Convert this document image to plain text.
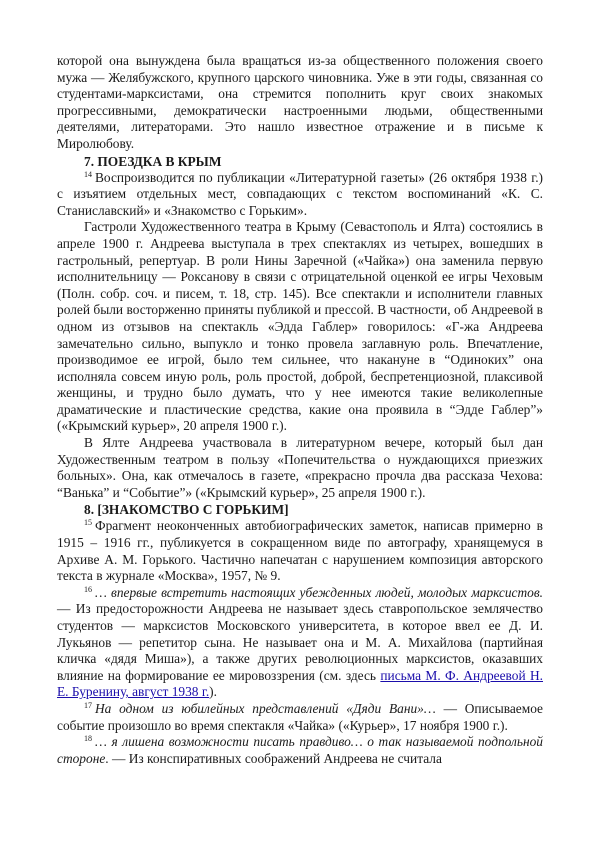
которой она вынуждена была вращаться из-за общественного положения своего мужа — Желябужского, крупного царского чиновника. Уже в эти годы, связанная со студентами-марксистами, она стремится пополнить круг своих знакомых прогрессивными, демократически настроенными людьми, общественными деятелями, литераторами. Это нашло известное отражение и в письме к Миролюбову.

7. ПОЕЗДКА В КРЫМ

$^{14}$ Воспроизводится по публикации «Литературной газеты» (26 октября 1938 г.) с изъятием отдельных мест, совпадающих с текстом воспоминаний «К. С. Станиславский» и «Знакомство с Горьким».

Гастроли Художественного театра в Крыму (Севастополь и Ялта) состоялись в апреле 1900 г. Андреева выступала в трех спектаклях из четырех, вошедших в гастрольный, репертуар. В роли Нины Заречной («Чайка») она заменила первую исполнительницу — Роксанову в связи с отрицательной оценкой ее игры Чеховым (Полн. собр. соч. и писем, т. 18, стр. 145). Все спектакли и исполнители главных ролей были восторженно приняты публикой и прессой. В частности, об Андреевой в одном из отзывов на спектакль «Эдда Габлер» говорилось: «Г-жа Андреева замечательно сильно, выпукло и тонко провела заглавную роль. Впечатление, производимое ее игрой, было тем сильнее, что накануне в “Одиноких” она исполняла совсем иную роль, роль простой, доброй, беспретенциозной, плаксивой женщины, и трудно было думать, что у нее имеются такие великолепные драматические и пластические средства, какие она проявила в “Эдде Габлер”» («Крымский курьер», 20 апреля 1900 г.).

В Ялте Андреева участвовала в литературном вечере, который был дан Художественным театром в пользу «Попечительства о нуждающихся приезжих больных». Она, как отмечалось в газете, «прекрасно прочла два рассказа Чехова: “Ванька” и “Событие”» («Крымский курьер», 25 апреля 1900 г.).

8. [ЗНАКОМСТВО С ГОРЬКИМ]

$^{15}$ Фрагмент неоконченных автобиографических заметок, написав примерно в 1915 – 1916 гг., публикуется в сокращенном виде по автографу, хранящемуся в Архиве А. М. Горького. Частично напечатан с нарушением композиция авторского текста в журнале «Москва», 1957, № 9.

$^{16}$ … впервые встретить настоящих убежденных людей, молодых марксистов. — Из предосторожности Андреева не называет здесь ставропольское землячество студентов — марксистов Московского университета, в которое ввел ее Д. И. Лукьянов — репетитор сына. Не называет она и М. А. Михайлова (партийная кличка «дядя Миша»), а также других революционных марксистов, оказавших влияние на формирование ее мировоззрения (см. здесь письма М. Ф. Андреевой Н. Е. Буренину, август 1938 г.).

$^{17}$ На одном из юбилейных представлений «Дяди Вани»… — Описываемое событие произошло во время спектакля «Чайка» («Курьер», 17 ноября 1900 г.).

$^{18}$ … я лишена возможности писать правдиво… о так называемой подпольной стороне. — Из конспиративных соображений Андреева не считала
